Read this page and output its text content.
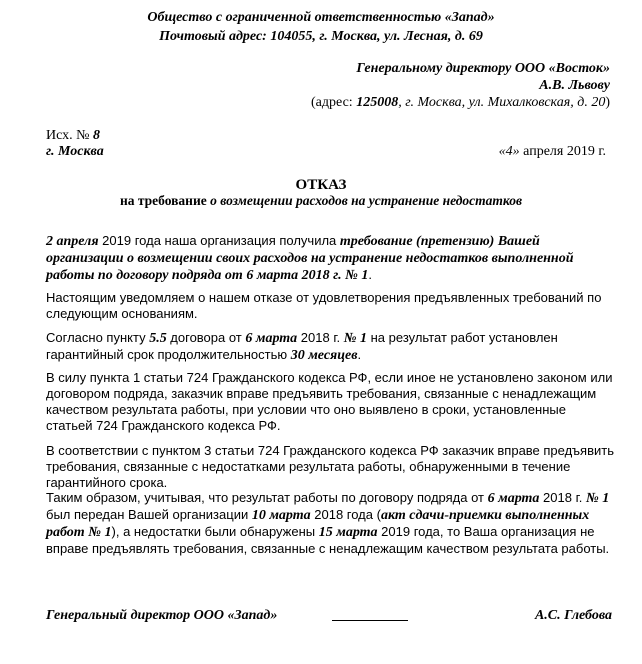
Общество с ограниченной ответственностью «Запад»
Почтовый адрес: 104055, г. Москва, ул. Лесная, д. 69
Генеральному директору ООО «Восток»
А.В. Львову
(адрес: 125008, г. Москва, ул. Михалковская, д. 20)
Исх. № 8
г. Москва	«4» апреля 2019 г.
ОТКАЗ
на требование о возмещении расходов на устранение недостатков
2 апреля 2019 года наша организация получила требование (претензию) Вашей организации о возмещении своих расходов на устранение недостатков выполненной работы по договору подряда от 6 марта 2018 г. № 1.
Настоящим уведомляем о нашем отказе от удовлетворения предъявленных требований по следующим основаниям.
Согласно пункту 5.5 договора от 6 марта 2018 г. № 1 на результат работ установлен гарантийный срок продолжительностью 30 месяцев.
В силу пункта 1 статьи 724 Гражданского кодекса РФ, если иное не установлено законом или договором подряда, заказчик вправе предъявить требования, связанные с ненадлежащим качеством результата работы, при условии что оно выявлено в сроки, установленные статьей 724 Гражданского кодекса РФ.
В соответствии с пунктом 3 статьи 724 Гражданского кодекса РФ заказчик вправе предъявить требования, связанные с недостатками результата работы, обнаруженными в течение гарантийного срока.
Таким образом, учитывая, что результат работы по договору подряда от 6 марта 2018 г. № 1 был передан Вашей организации 10 марта 2018 года (акт сдачи-приемки выполненных работ № 1), а недостатки были обнаружены 15 марта 2019 года, то Ваша организация не вправе предъявлять требования, связанные с ненадлежащим качеством результата работы.
Генеральный директор ООО «Запад»	А.С. Глебова
